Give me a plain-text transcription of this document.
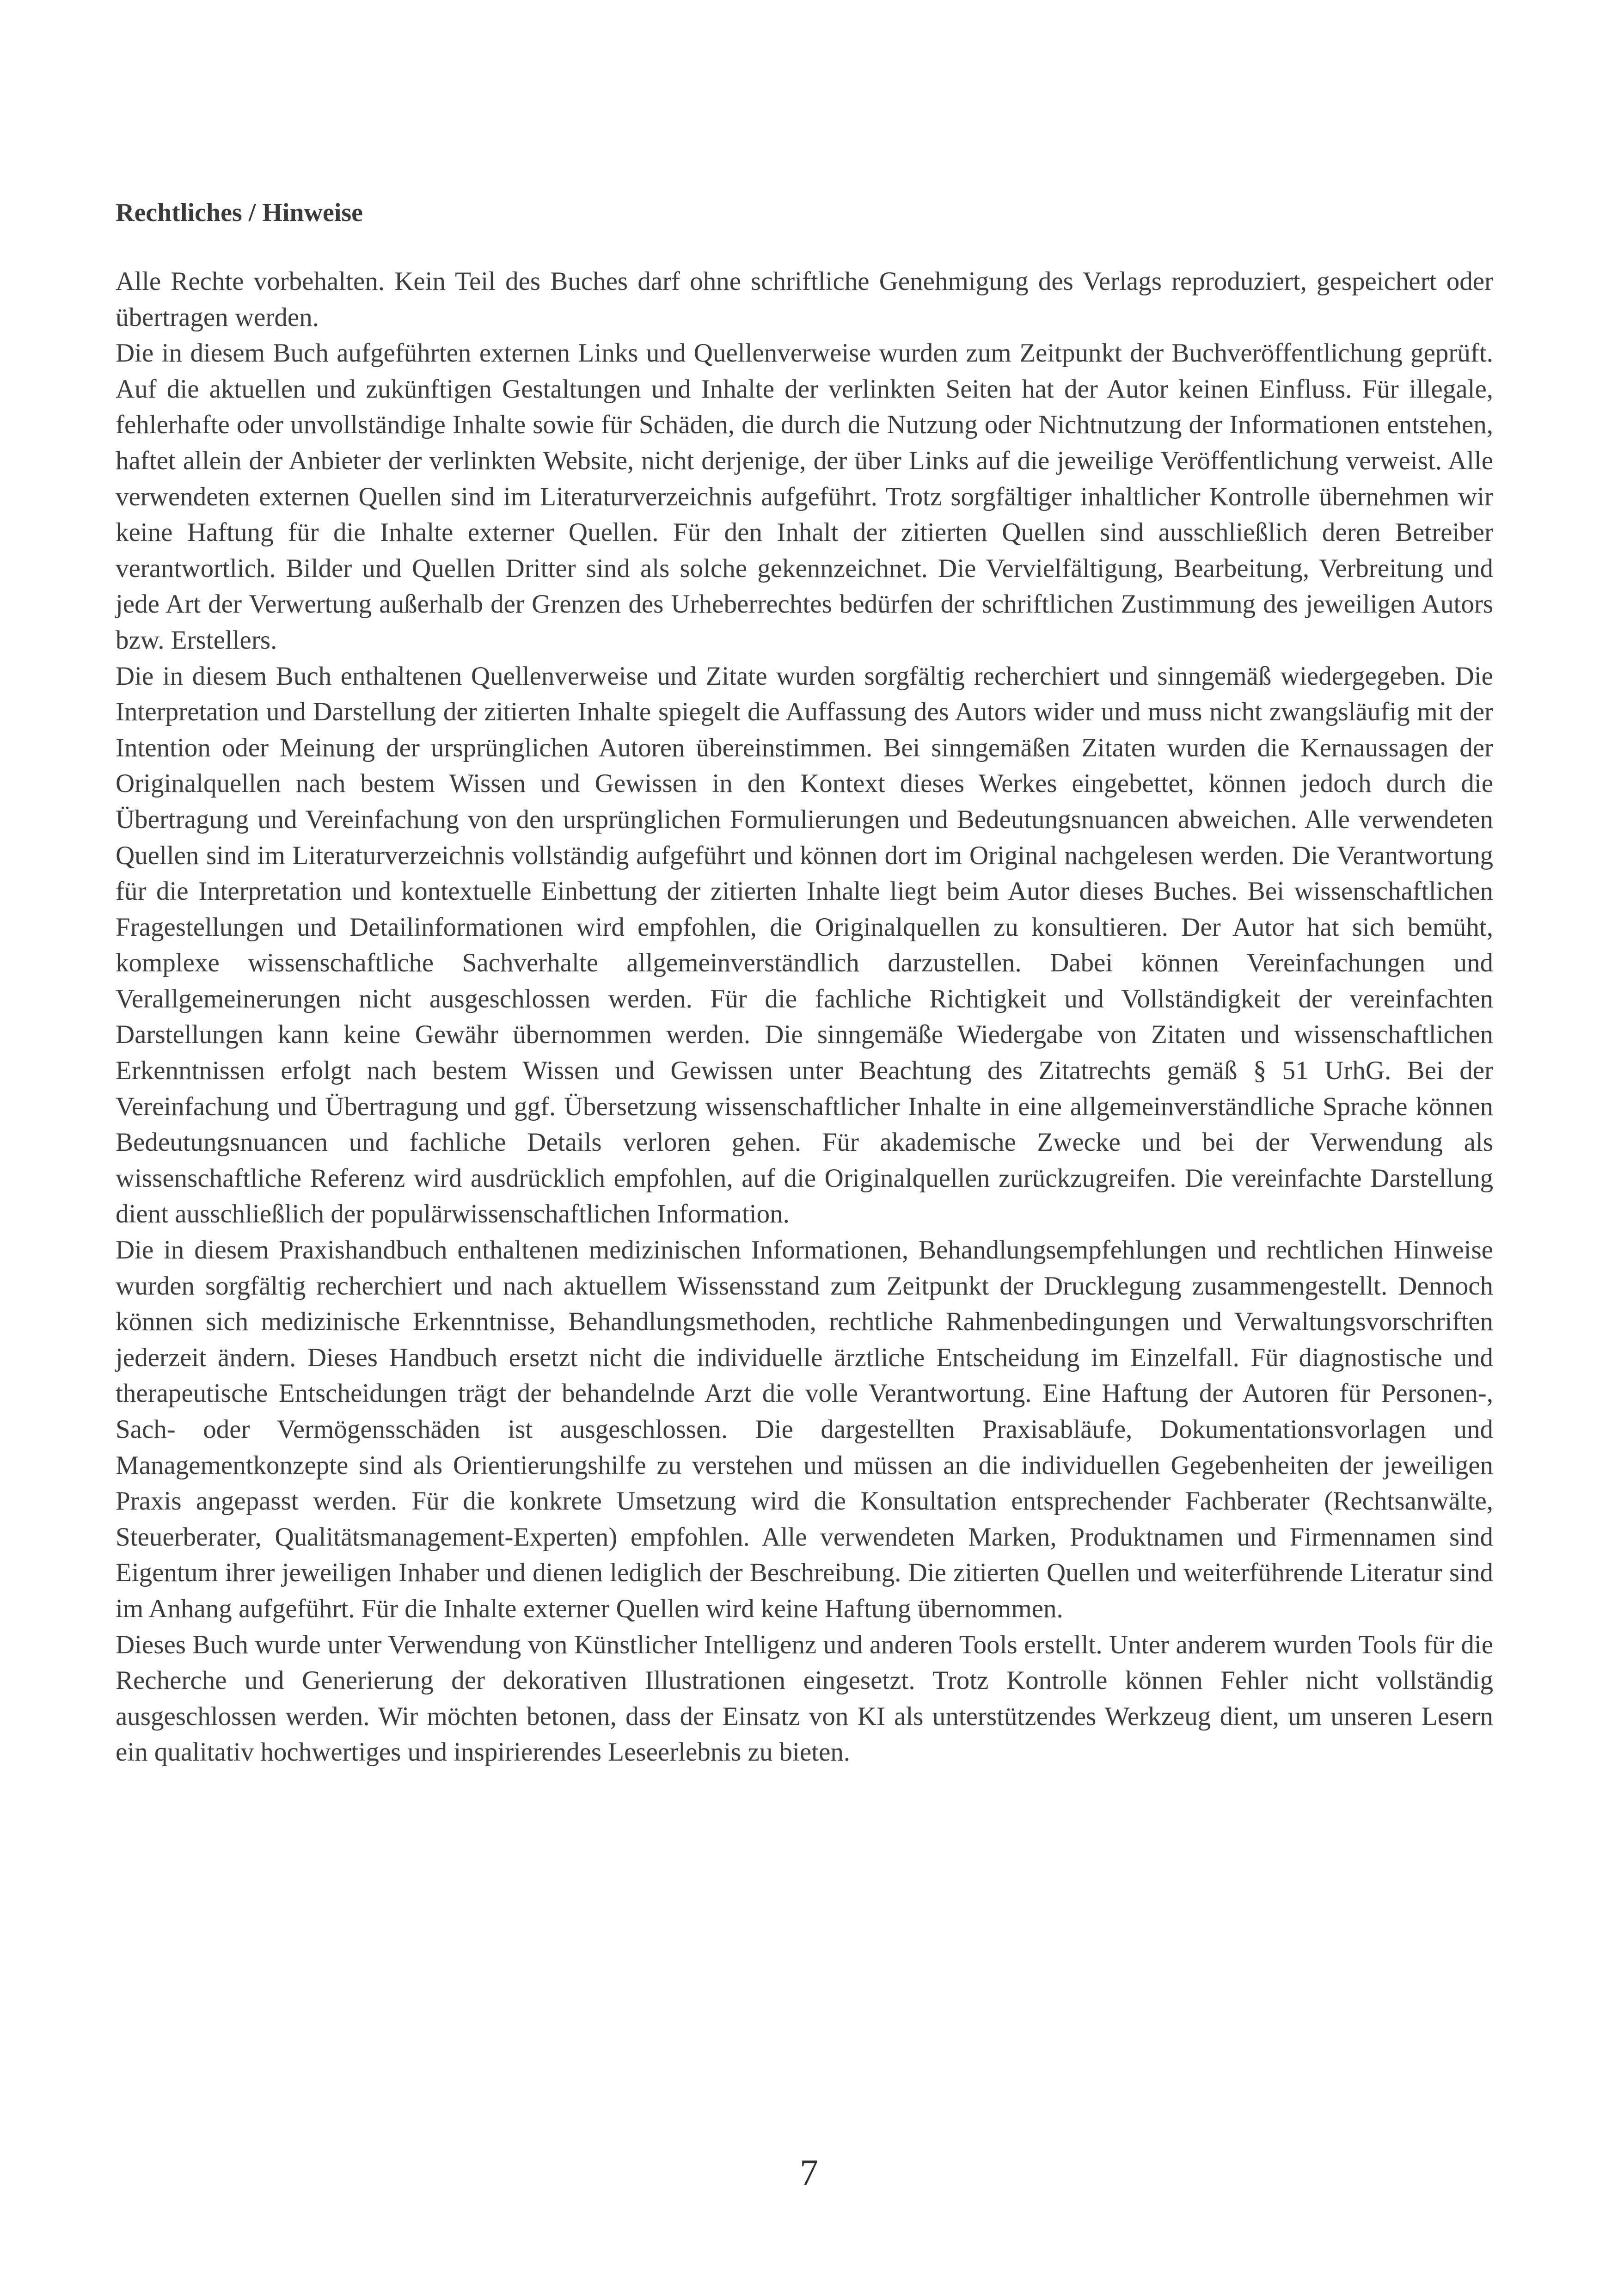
Rechtliches / Hinweise

Alle Rechte vorbehalten. Kein Teil des Buches darf ohne schriftliche Genehmigung des Verlags reproduziert, gespeichert oder übertragen werden.

Die in diesem Buch aufgeführten externen Links und Quellenverweise wurden zum Zeitpunkt der Buchveröffentlichung geprüft. Auf die aktuellen und zukünftigen Gestaltungen und Inhalte der verlinkten Seiten hat der Autor keinen Einfluss. Für illegale, fehlerhafte oder unvollständige Inhalte sowie für Schäden, die durch die Nutzung oder Nichtnutzung der Informationen entstehen, haftet allein der Anbieter der verlinkten Website, nicht derjenige, der über Links auf die jeweilige Veröffentlichung verweist. Alle verwendeten externen Quellen sind im Literaturverzeichnis aufgeführt. Trotz sorgfältiger inhaltlicher Kontrolle übernehmen wir keine Haftung für die Inhalte externer Quellen. Für den Inhalt der zitierten Quellen sind ausschließlich deren Betreiber verantwortlich. Bilder und Quellen Dritter sind als solche gekennzeichnet. Die Vervielfältigung, Bearbeitung, Verbreitung und jede Art der Verwertung außerhalb der Grenzen des Urheberrechtes bedürfen der schriftlichen Zustimmung des jeweiligen Autors bzw. Erstellers.

Die in diesem Buch enthaltenen Quellenverweise und Zitate wurden sorgfältig recherchiert und sinngemäß wiedergegeben. Die Interpretation und Darstellung der zitierten Inhalte spiegelt die Auffassung des Autors wider und muss nicht zwangsläufig mit der Intention oder Meinung der ursprünglichen Autoren übereinstimmen. Bei sinngemäßen Zitaten wurden die Kernaussagen der Originalquellen nach bestem Wissen und Gewissen in den Kontext dieses Werkes eingebettet, können jedoch durch die Übertragung und Vereinfachung von den ursprünglichen Formulierungen und Bedeutungsnuancen abweichen. Alle verwendeten Quellen sind im Literaturverzeichnis vollständig aufgeführt und können dort im Original nachgelesen werden. Die Verantwortung für die Interpretation und kontextuelle Einbettung der zitierten Inhalte liegt beim Autor dieses Buches. Bei wissenschaftlichen Fragestellungen und Detailinformationen wird empfohlen, die Originalquellen zu konsultieren. Der Autor hat sich bemüht, komplexe wissenschaftliche Sachverhalte allgemeinverständlich darzustellen. Dabei können Vereinfachungen und Verallgemeinerungen nicht ausgeschlossen werden. Für die fachliche Richtigkeit und Vollständigkeit der vereinfachten Darstellungen kann keine Gewähr übernommen werden. Die sinngemäße Wiedergabe von Zitaten und wissenschaftlichen Erkenntnissen erfolgt nach bestem Wissen und Gewissen unter Beachtung des Zitatrechts gemäß § 51 UrhG. Bei der Vereinfachung und Übertragung und ggf. Übersetzung wissenschaftlicher Inhalte in eine allgemeinverständliche Sprache können Bedeutungsnuancen und fachliche Details verloren gehen. Für akademische Zwecke und bei der Verwendung als wissenschaftliche Referenz wird ausdrücklich empfohlen, auf die Originalquellen zurückzugreifen. Die vereinfachte Darstellung dient ausschließlich der populärwissenschaftlichen Information.

Die in diesem Praxishandbuch enthaltenen medizinischen Informationen, Behandlungsempfehlungen und rechtlichen Hinweise wurden sorgfältig recherchiert und nach aktuellem Wissensstand zum Zeitpunkt der Drucklegung zusammengestellt. Dennoch können sich medizinische Erkenntnisse, Behandlungsmethoden, rechtliche Rahmenbedingungen und Verwaltungsvorschriften jederzeit ändern. Dieses Handbuch ersetzt nicht die individuelle ärztliche Entscheidung im Einzelfall. Für diagnostische und therapeutische Entscheidungen trägt der behandelnde Arzt die volle Verantwortung. Eine Haftung der Autoren für Personen-, Sach- oder Vermögensschäden ist ausgeschlossen. Die dargestellten Praxisabläufe, Dokumentationsvorlagen und Managementkonzepte sind als Orientierungshilfe zu verstehen und müssen an die individuellen Gegebenheiten der jeweiligen Praxis angepasst werden. Für die konkrete Umsetzung wird die Konsultation entsprechender Fachberater (Rechtsanwälte, Steuerberater, Qualitätsmanagement-Experten) empfohlen. Alle verwendeten Marken, Produktnamen und Firmennamen sind Eigentum ihrer jeweiligen Inhaber und dienen lediglich der Beschreibung. Die zitierten Quellen und weiterführende Literatur sind im Anhang aufgeführt. Für die Inhalte externer Quellen wird keine Haftung übernommen.

Dieses Buch wurde unter Verwendung von Künstlicher Intelligenz und anderen Tools erstellt. Unter anderem wurden Tools für die Recherche und Generierung der dekorativen Illustrationen eingesetzt. Trotz Kontrolle können Fehler nicht vollständig ausgeschlossen werden. Wir möchten betonen, dass der Einsatz von KI als unterstützendes Werkzeug dient, um unseren Lesern ein qualitativ hochwertiges und inspirierendes Leseerlebnis zu bieten.

7
